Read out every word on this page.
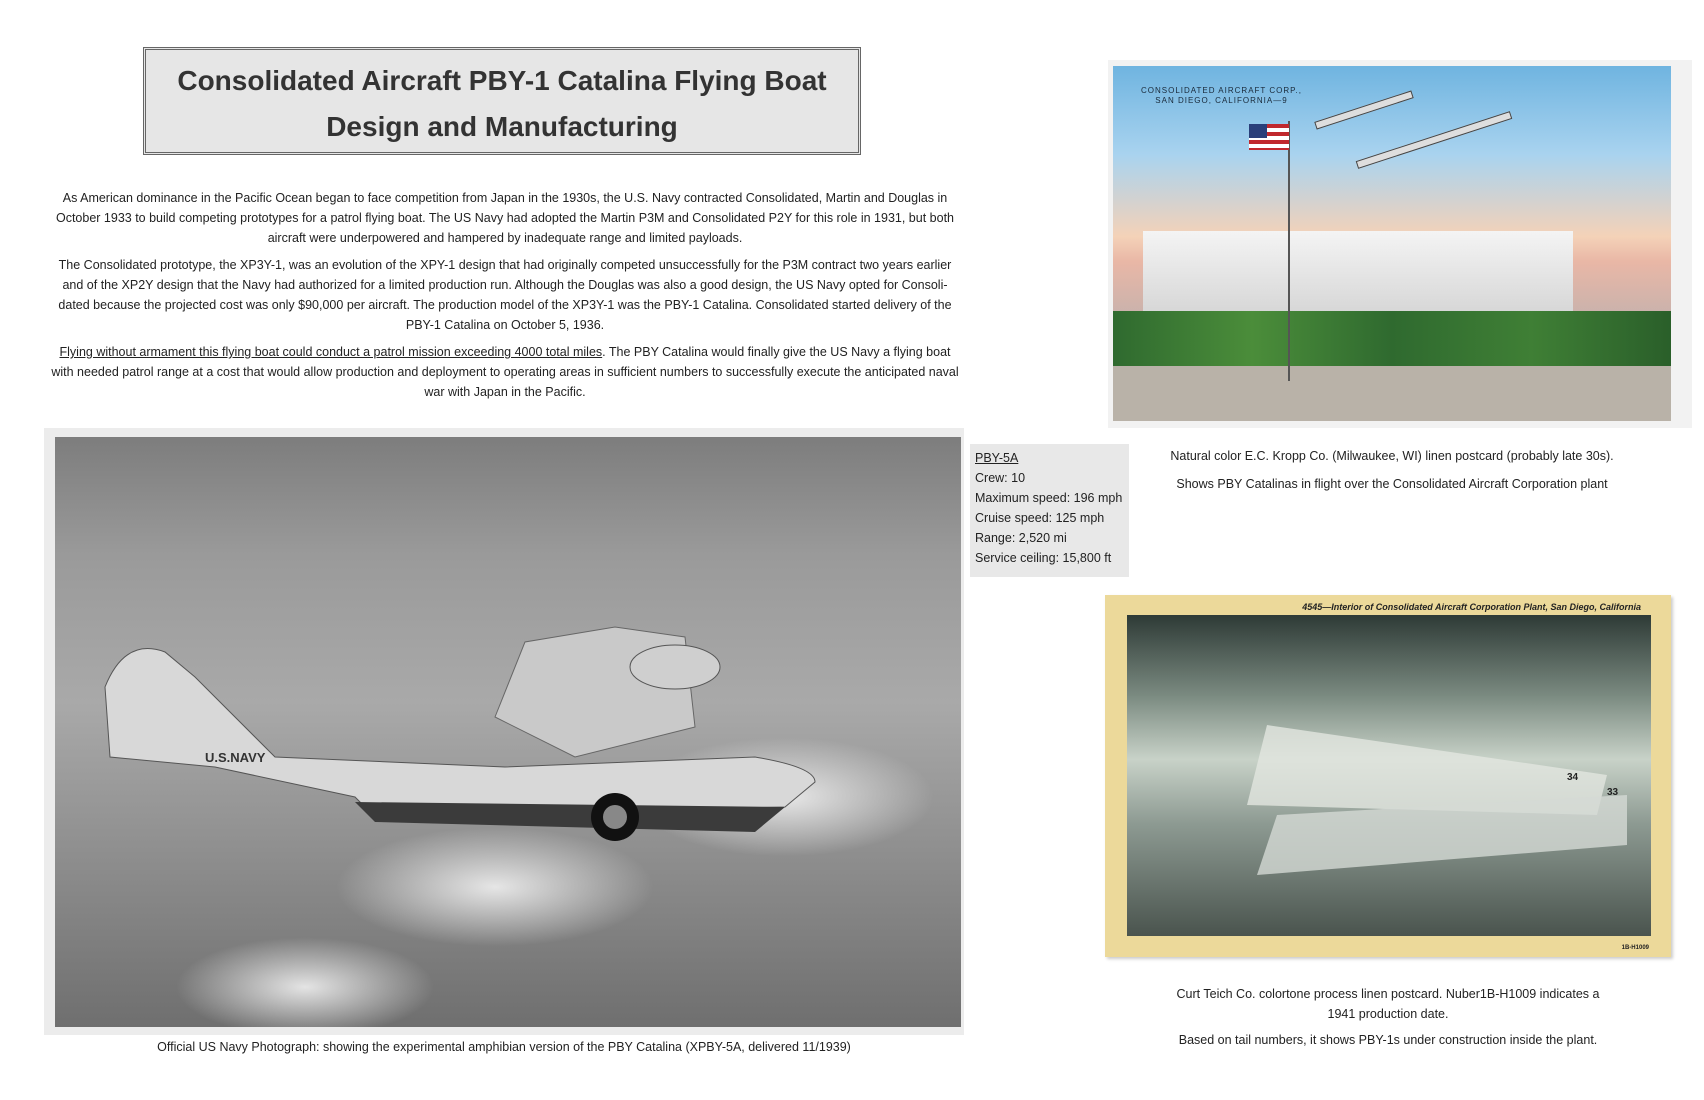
Consolidated Aircraft PBY-1 Catalina Flying Boat
Design and Manufacturing

As American dominance in the Pacific Ocean began to face competition from Japan in the 1930s, the U.S. Navy contracted Consolidated, Martin and Douglas in October 1933 to build competing prototypes for a patrol flying boat. The US Navy had adopted the Martin P3M and Consolidated P2Y for this role in 1931, but both aircraft were underpowered and hampered by inadequate range and limited payloads.

The Consolidated prototype, the XP3Y-1, was an evolution of the XPY-1 design that had originally competed unsuccessfully for the P3M contract two years earlier and of the XP2Y design that the Navy had authorized for a limited production run. Although the Douglas was also a good design, the US Navy opted for Consoli-dated because the projected cost was only $90,000 per aircraft. The production model of the XP3Y-1 was the PBY-1 Catalina. Consolidated started delivery of the PBY-1 Catalina on October 5, 1936.

Flying without armament this flying boat could conduct a patrol mission exceeding 4000 total miles. The PBY Catalina would finally give the US Navy a flying boat with needed patrol range at a cost that would allow production and deployment to operating areas in sufficient numbers to successfully execute the anticipated naval war with Japan in the Pacific.

U.S.NAVY
Official US Navy Photograph: showing the experimental amphibian version of the PBY Catalina (XPBY-5A, delivered 11/1939)
PBY-5A
Crew: 10
Maximum speed: 196 mph
Cruise speed: 125 mph
Range: 2,520 mi
Service ceiling: 15,800 ft
CONSOLIDATED AIRCRAFT CORP.,
SAN DIEGO, CALIFORNIA—9
Natural color E.C. Kropp Co. (Milwaukee, WI) linen postcard (probably late 30s).
Shows PBY Catalinas in flight over the Consolidated Aircraft Corporation plant
4545—Interior of Consolidated Aircraft Corporation Plant, San Diego, California
34
33
1B-H1009
Curt Teich Co. colortone process linen postcard. Nuber1B-H1009 indicates a 1941 production date.
Based on tail numbers, it shows PBY-1s under construction inside the plant.
